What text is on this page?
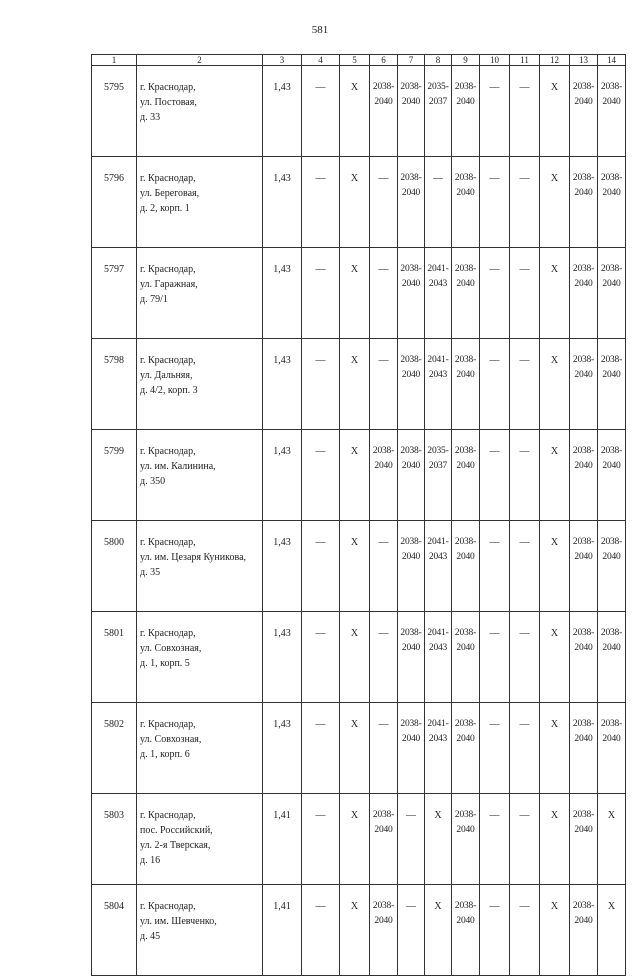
581
1	2	3	4	5	6	7	8	9	10	11	12	13	14
5795	г. Краснодар,
ул. Постовая,
д. 33	1,43	—	X	2038-
2040	2038-
2040	2035-
2037	2038-
2040	—	—	X	2038-
2040	2038-
2040

5796	г. Краснодар,
ул. Береговая,
д. 2, корп. 1	1,43	—	X	—	2038-
2040	—	2038-
2040	—	—	X	2038-
2040	2038-
2040

5797	г. Краснодар,
ул. Гаражная,
д. 79/1	1,43	—	X	—	2038-
2040	2041-
2043	2038-
2040	—	—	X	2038-
2040	2038-
2040

5798	г. Краснодар,
ул. Дальняя,
д. 4/2, корп. 3	1,43	—	X	—	2038-
2040	2041-
2043	2038-
2040	—	—	X	2038-
2040	2038-
2040

5799	г. Краснодар,
ул. им. Калинина,
д. 350	1,43	—	X	2038-
2040	2038-
2040	2035-
2037	2038-
2040	—	—	X	2038-
2040	2038-
2040

5800	г. Краснодар,
ул. им. Цезаря Куникова,
д. 35	1,43	—	X	—	2038-
2040	2041-
2043	2038-
2040	—	—	X	2038-
2040	2038-
2040

5801	г. Краснодар,
ул. Совхозная,
д. 1, корп. 5	1,43	—	X	—	2038-
2040	2041-
2043	2038-
2040	—	—	X	2038-
2040	2038-
2040

5802	г. Краснодар,
ул. Совхозная,
д. 1, корп. 6	1,43	—	X	—	2038-
2040	2041-
2043	2038-
2040	—	—	X	2038-
2040	2038-
2040

5803	г. Краснодар,
пос. Российский,
ул. 2-я Тверская,
д. 16	1,41	—	X	2038-
2040	—	X	2038-
2040	—	—	X	2038-
2040	X
5804	г. Краснодар,
ул. им. Шевченко,
д. 45	1,41	—	X	2038-
2040	—	X	2038-
2040	—	—	X	2038-
2040	X
